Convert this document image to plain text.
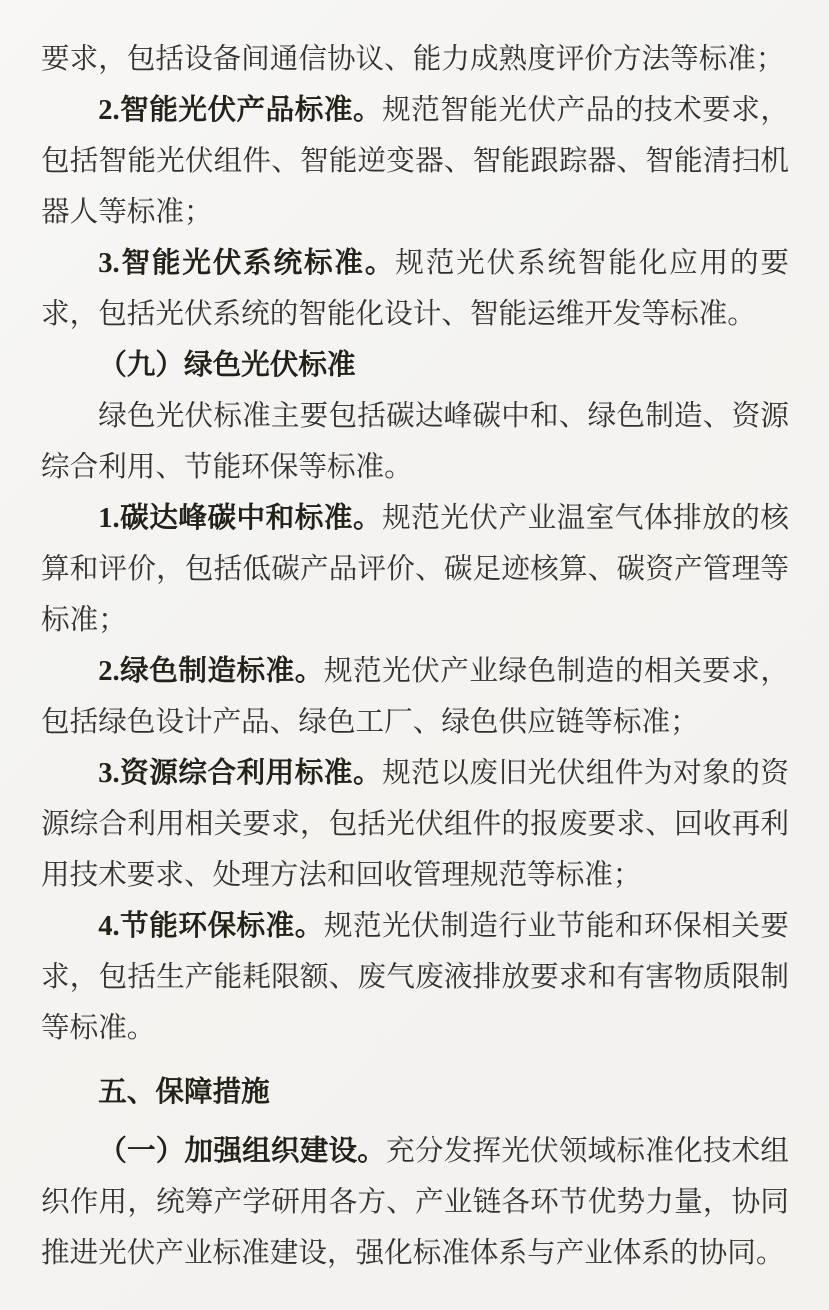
要求，包括设备间通信协议、能力成熟度评价方法等标准；

2.智能光伏产品标准。规范智能光伏产品的技术要求，包括智能光伏组件、智能逆变器、智能跟踪器、智能清扫机器人等标准；

3.智能光伏系统标准。规范光伏系统智能化应用的要求，包括光伏系统的智能化设计、智能运维开发等标准。

（九）绿色光伏标准

绿色光伏标准主要包括碳达峰碳中和、绿色制造、资源综合利用、节能环保等标准。

1.碳达峰碳中和标准。规范光伏产业温室气体排放的核算和评价，包括低碳产品评价、碳足迹核算、碳资产管理等标准；

2.绿色制造标准。规范光伏产业绿色制造的相关要求，包括绿色设计产品、绿色工厂、绿色供应链等标准；

3.资源综合利用标准。规范以废旧光伏组件为对象的资源综合利用相关要求，包括光伏组件的报废要求、回收再利用技术要求、处理方法和回收管理规范等标准；

4.节能环保标准。规范光伏制造行业节能和环保相关要求，包括生产能耗限额、废气废液排放要求和有害物质限制等标准。

五、保障措施

（一）加强组织建设。充分发挥光伏领域标准化技术组织作用，统筹产学研用各方、产业链各环节优势力量，协同推进光伏产业标准建设，强化标准体系与产业体系的协同。
